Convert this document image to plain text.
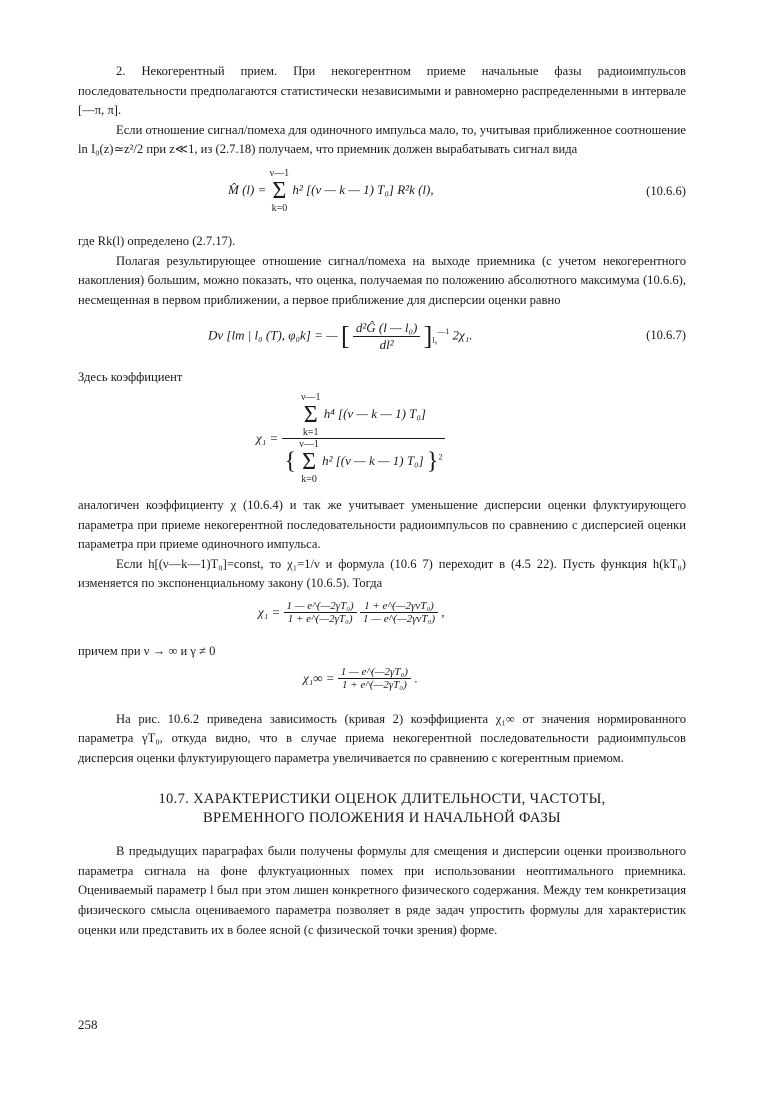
2. Некогерентный прием. При некогерентном приеме начальные фазы радиоимпульсов последовательности предполагаются статистически независимыми и равномерно распределенными в интервале [—π, π].

Если отношение сигнал/помеха для одиночного импульса мало, то, учитывая приближенное соотношение ln I₀(z)≃z²/2 при z≪1, из (2.7.18) получаем, что приемник должен вырабатывать сигнал вида

M̂ (l) = ν—1
Σ
k=0 h² [(ν — k — 1) T₀] R²k (l),	(10.6.6)

где Rk(l) определено (2.7.17).

Полагая результирующее отношение сигнал/помеха на выходе приемника (с учетом некогерентного накопления) большим, можно показать, что оценка, получаемая по положению абсолютного максимума (10.6.6), несмещенная в первом приближении, а первое приближение для дисперсии оценки равно

Dν [lm | l₀ (T), φ₀k] = — [ $\frac{\text{d²Ĝ (l — l₀)}}{\text{dl²}} ]_{l_0}^{—1}$ 2χ₁.	(10.6.7)

Здесь коэффициент

χ₁ =
ν—1
Σ
k=1 h⁴ [(ν — k — 1) T₀]
{ ν—1
Σ
k=0 h² [(ν — k — 1) T₀] }$^2$

аналогичен коэффициенту χ (10.6.4) и так же учитывает уменьшение дисперсии оценки флуктуирующего параметра при приеме некогерентной последовательности радиоимпульсов по сравнению с дисперсией оценки параметра при приеме одиночного импульса.

Если h[(ν—k—1)T₀]=const, то χ₁=1/ν и формула (10.6 7) переходит в (4.5 22). Пусть функция h(kT₀) изменяется по экспоненциальному закону (10.6.5). Тогда

$\chi_1 = \frac{\text{1 — e\textasciicircum{}(—2γT₀)}}{\text{1 + e\textasciicircum{}(—2γT₀)}}$
$\frac{\text{1 + e\textasciicircum{}(—2γνT₀)}}{\text{1 — e\textasciicircum{}(—2γνT₀)}}$ ,

причем при ν → ∞ и γ ≠ 0

$\chi_1\infty = \frac{\text{1 — e\textasciicircum{}(—2γT₀)}}{\text{1 + e\textasciicircum{}(—2γT₀)}}$ .

На рис. 10.6.2 приведена зависимость (кривая 2) коэффициента χ₁∞ от значения нормированного параметра γT₀, откуда видно, что в случае приема некогерентной последовательности радиоимпульсов дисперсия оценки флуктуирующего параметра увеличивается по сравнению с когерентным приемом.

10.7. ХАРАКТЕРИСТИКИ ОЦЕНОК ДЛИТЕЛЬНОСТИ, ЧАСТОТЫ,
ВРЕМЕННОГО ПОЛОЖЕНИЯ И НАЧАЛЬНОЙ ФАЗЫ

В предыдущих параграфах были получены формулы для смещения и дисперсии оценки произвольного параметра сигнала на фоне флуктуационных помех при использовании неоптимального приемника. Оцениваемый параметр l был при этом лишен конкретного физического содержания. Между тем конкретизация физического смысла оцениваемого параметра позволяет в ряде задач упростить формулы для характеристик оценки или представить их в более ясной (с физической точки зрения) форме.

258
